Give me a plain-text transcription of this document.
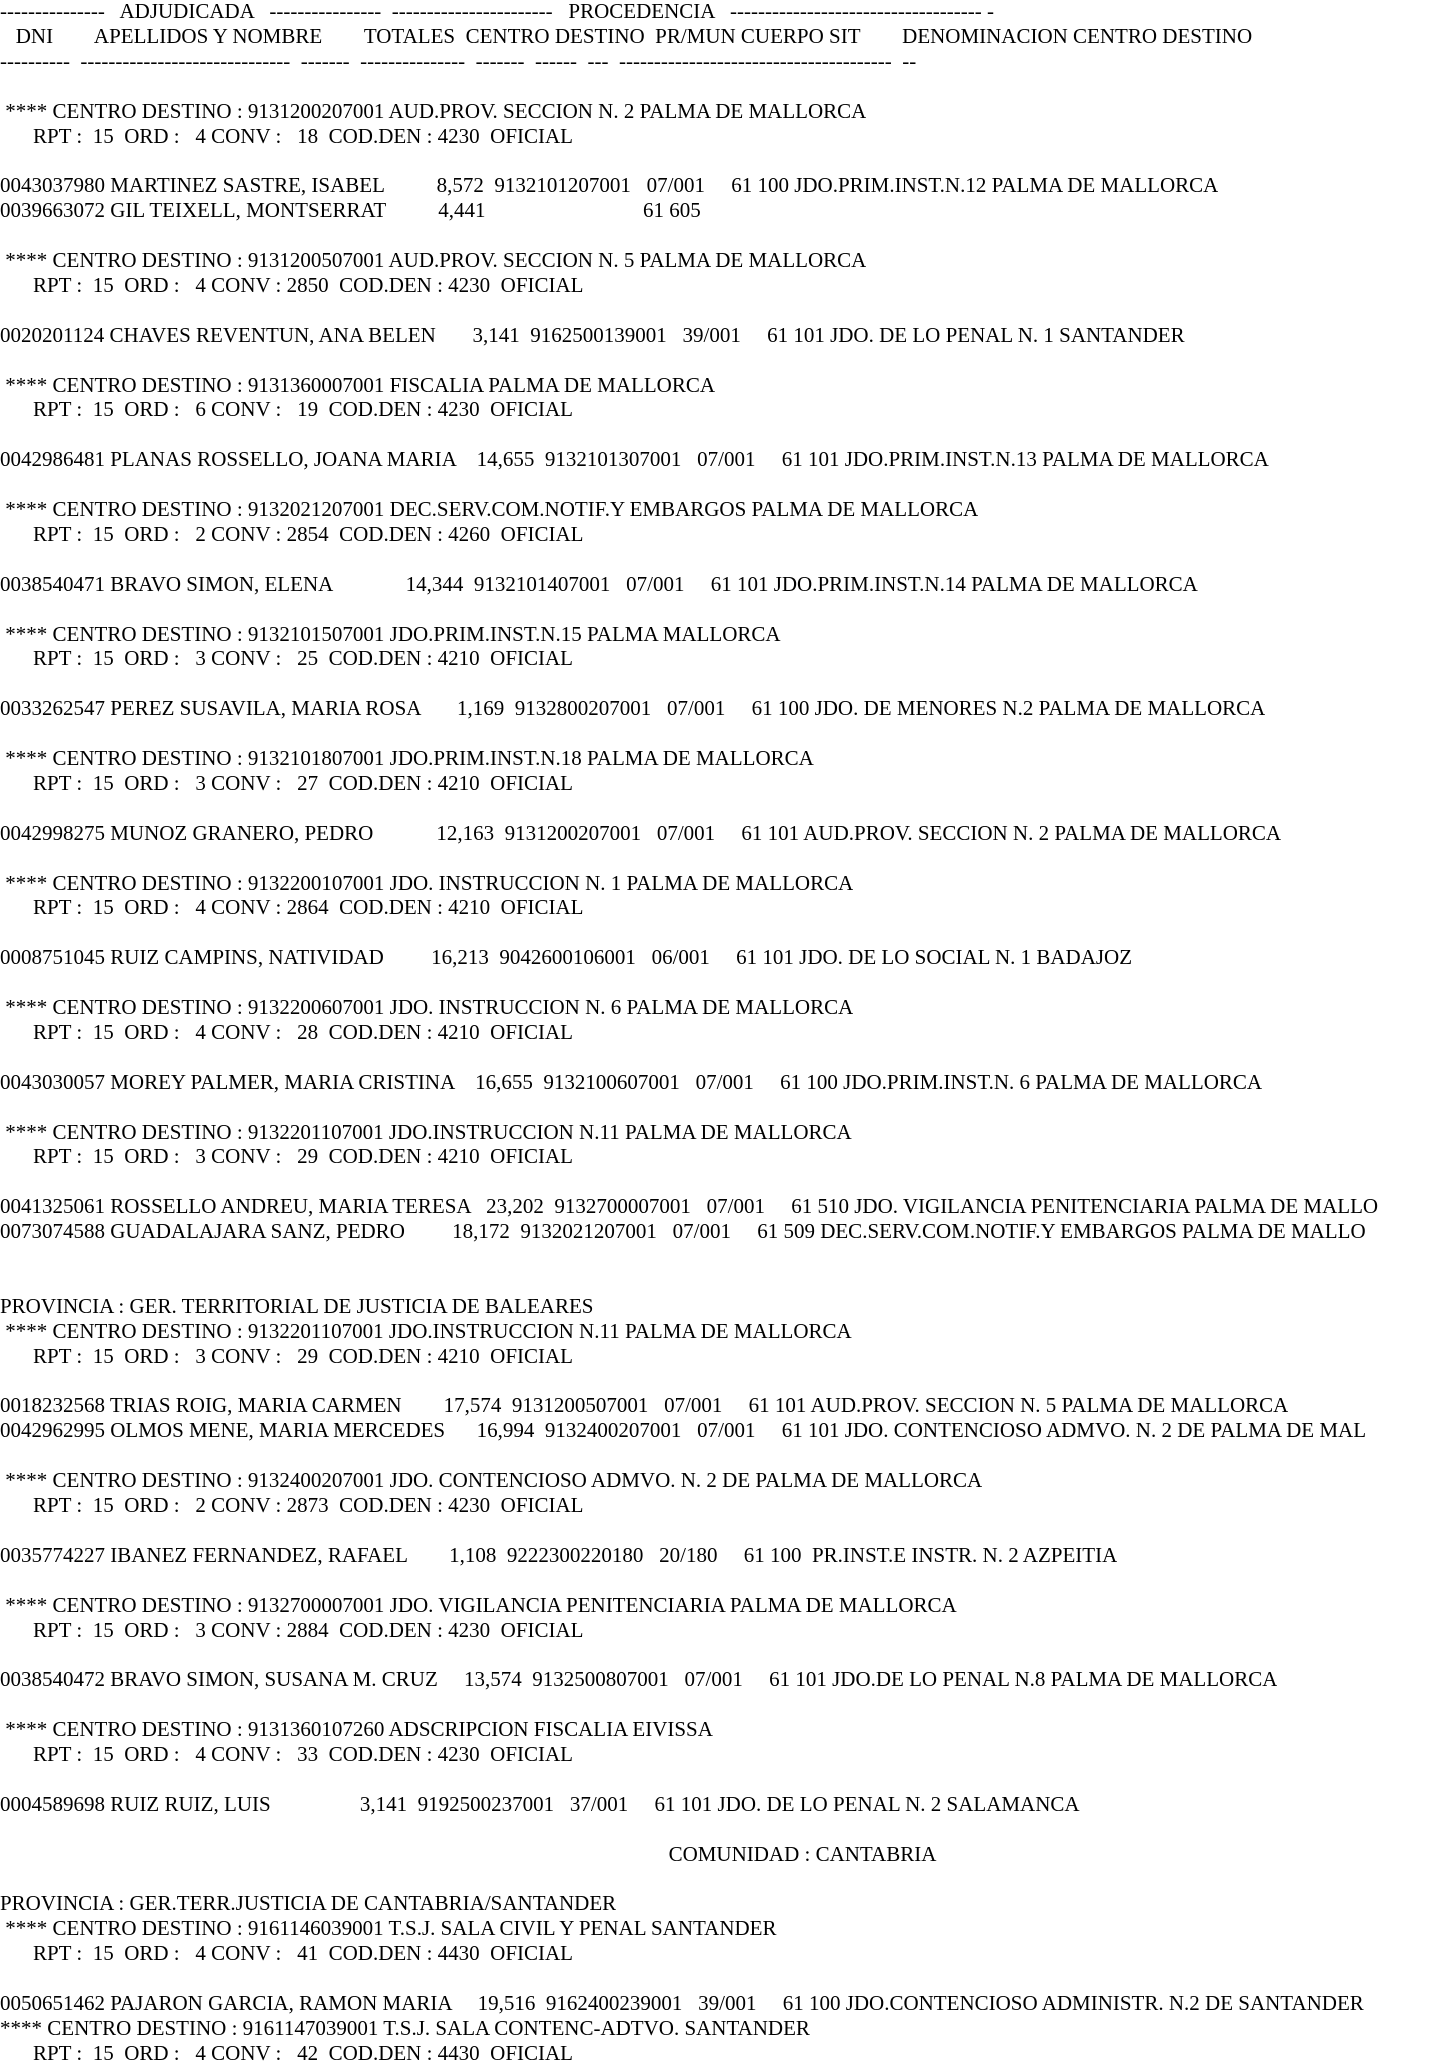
---------------   ADJUDICADA   ----------------  -----------------------   PROCEDENCIA   ------------------------------------ -
DNI        APELLIDOS Y NOMBRE        TOTALES  CENTRO DESTINO  PR/MUN CUERPO SIT        DENOMINACION CENTRO DESTINO
----------  ------------------------------  -------  ---------------  -------  ------  ---  ---------------------------------------  --
**** CENTRO DESTINO : 9131200207001 AUD.PROV. SECCION N. 2 PALMA DE MALLORCA
RPT :  15  ORD :   4 CONV :   18  COD.DEN : 4230  OFICIAL
0043037980 MARTINEZ SASTRE, ISABEL          8,572  9132101207001   07/001     61 100 JDO.PRIM.INST.N.12 PALMA DE MALLORCA
0039663072 GIL TEIXELL, MONTSERRAT          4,441                              61 605
**** CENTRO DESTINO : 9131200507001 AUD.PROV. SECCION N. 5 PALMA DE MALLORCA
RPT :  15  ORD :   4 CONV : 2850  COD.DEN : 4230  OFICIAL
0020201124 CHAVES REVENTUN, ANA BELEN       3,141  9162500139001   39/001     61 101 JDO. DE LO PENAL N. 1 SANTANDER
**** CENTRO DESTINO : 9131360007001 FISCALIA PALMA DE MALLORCA
RPT :  15  ORD :   6 CONV :   19  COD.DEN : 4230  OFICIAL
0042986481 PLANAS ROSSELLO, JOANA MARIA    14,655  9132101307001   07/001     61 101 JDO.PRIM.INST.N.13 PALMA DE MALLORCA
**** CENTRO DESTINO : 9132021207001 DEC.SERV.COM.NOTIF.Y EMBARGOS PALMA DE MALLORCA
RPT :  15  ORD :   2 CONV : 2854  COD.DEN : 4260  OFICIAL
0038540471 BRAVO SIMON, ELENA              14,344  9132101407001   07/001     61 101 JDO.PRIM.INST.N.14 PALMA DE MALLORCA
**** CENTRO DESTINO : 9132101507001 JDO.PRIM.INST.N.15 PALMA MALLORCA
RPT :  15  ORD :   3 CONV :   25  COD.DEN : 4210  OFICIAL
0033262547 PEREZ SUSAVILA, MARIA ROSA       1,169  9132800207001   07/001     61 100 JDO. DE MENORES N.2 PALMA DE MALLORCA
**** CENTRO DESTINO : 9132101807001 JDO.PRIM.INST.N.18 PALMA DE MALLORCA
RPT :  15  ORD :   3 CONV :   27  COD.DEN : 4210  OFICIAL
0042998275 MUNOZ GRANERO, PEDRO            12,163  9131200207001   07/001     61 101 AUD.PROV. SECCION N. 2 PALMA DE MALLORCA
**** CENTRO DESTINO : 9132200107001 JDO. INSTRUCCION N. 1 PALMA DE MALLORCA
RPT :  15  ORD :   4 CONV : 2864  COD.DEN : 4210  OFICIAL
0008751045 RUIZ CAMPINS, NATIVIDAD         16,213  9042600106001   06/001     61 101 JDO. DE LO SOCIAL N. 1 BADAJOZ
**** CENTRO DESTINO : 9132200607001 JDO. INSTRUCCION N. 6 PALMA DE MALLORCA
RPT :  15  ORD :   4 CONV :   28  COD.DEN : 4210  OFICIAL
0043030057 MOREY PALMER, MARIA CRISTINA    16,655  9132100607001   07/001     61 100 JDO.PRIM.INST.N. 6 PALMA DE MALLORCA
**** CENTRO DESTINO : 9132201107001 JDO.INSTRUCCION N.11 PALMA DE MALLORCA
RPT :  15  ORD :   3 CONV :   29  COD.DEN : 4210  OFICIAL
0041325061 ROSSELLO ANDREU, MARIA TERESA   23,202  9132700007001   07/001     61 510 JDO. VIGILANCIA PENITENCIARIA PALMA DE MALLO
0073074588 GUADALAJARA SANZ, PEDRO         18,172  9132021207001   07/001     61 509 DEC.SERV.COM.NOTIF.Y EMBARGOS PALMA DE MALLO
PROVINCIA : GER. TERRITORIAL DE JUSTICIA DE BALEARES
**** CENTRO DESTINO : 9132201107001 JDO.INSTRUCCION N.11 PALMA DE MALLORCA
RPT :  15  ORD :   3 CONV :   29  COD.DEN : 4210  OFICIAL
0018232568 TRIAS ROIG, MARIA CARMEN        17,574  9131200507001   07/001     61 101 AUD.PROV. SECCION N. 5 PALMA DE MALLORCA
0042962995 OLMOS MENE, MARIA MERCEDES      16,994  9132400207001   07/001     61 101 JDO. CONTENCIOSO ADMVO. N. 2 DE PALMA DE MAL
**** CENTRO DESTINO : 9132400207001 JDO. CONTENCIOSO ADMVO. N. 2 DE PALMA DE MALLORCA
RPT :  15  ORD :   2 CONV : 2873  COD.DEN : 4230  OFICIAL
0035774227 IBANEZ FERNANDEZ, RAFAEL        1,108  9222300220180   20/180     61 100  PR.INST.E INSTR. N. 2 AZPEITIA
**** CENTRO DESTINO : 9132700007001 JDO. VIGILANCIA PENITENCIARIA PALMA DE MALLORCA
RPT :  15  ORD :   3 CONV : 2884  COD.DEN : 4230  OFICIAL
0038540472 BRAVO SIMON, SUSANA M. CRUZ     13,574  9132500807001   07/001     61 101 JDO.DE LO PENAL N.8 PALMA DE MALLORCA
**** CENTRO DESTINO : 9131360107260 ADSCRIPCION FISCALIA EIVISSA
RPT :  15  ORD :   4 CONV :   33  COD.DEN : 4230  OFICIAL
0004589698 RUIZ RUIZ, LUIS                 3,141  9192500237001   37/001     61 101 JDO. DE LO PENAL N. 2 SALAMANCA
COMUNIDAD : CANTABRIA
PROVINCIA : GER.TERR.JUSTICIA DE CANTABRIA/SANTANDER
**** CENTRO DESTINO : 9161146039001 T.S.J. SALA CIVIL Y PENAL SANTANDER
RPT :  15  ORD :   4 CONV :   41  COD.DEN : 4430  OFICIAL
0050651462 PAJARON GARCIA, RAMON MARIA     19,516  9162400239001   39/001     61 100 JDO.CONTENCIOSO ADMINISTR. N.2 DE SANTANDER
**** CENTRO DESTINO : 9161147039001 T.S.J. SALA CONTENC-ADTVO. SANTANDER
RPT :  15  ORD :   4 CONV :   42  COD.DEN : 4430  OFICIAL
